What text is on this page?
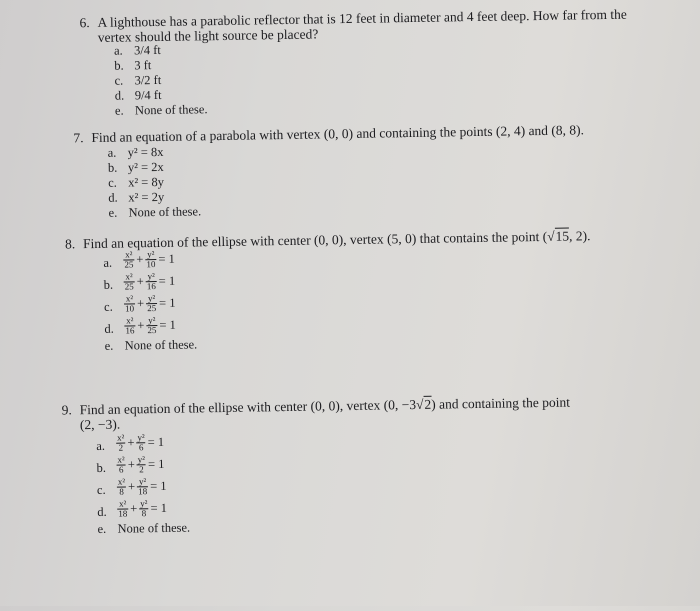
6. A lighthouse has a parabolic reflector that is 12 feet in diameter and 4 feet deep. How far from the
vertex should the light source be placed?
a. 3/4 ft
b. 3 ft
c. 3/2 ft
d. 9/4 ft
e. None of these.
7. Find an equation of a parabola with vertex (0, 0) and containing the points (2, 4) and (8, 8).
a. y² = 8x
b. y² = 2x
c. x² = 8y
d. x² = 2y
e. None of these.
8. Find an equation of the ellipse with center (0, 0), vertex (5, 0) that contains the point (√15, 2).
a. $\frac{\text{x²}}{25} + \frac{\text{y²}}{10} = 1$
b. $\frac{\text{x²}}{25} + \frac{\text{y²}}{16} = 1$
c. $\frac{\text{x²}}{10} + \frac{\text{y²}}{25} = 1$
d. $\frac{\text{x²}}{16} + \frac{\text{y²}}{25} = 1$
e. None of these.
9. Find an equation of the ellipse with center (0, 0), vertex (0, −3√2) and containing the point
(2, −3).
a. $\frac{\text{x²}}{2} + \frac{\text{y²}}{6} = 1$
b. $\frac{\text{x²}}{6} + \frac{\text{y²}}{2} = 1$
c. $\frac{\text{x²}}{8} + \frac{\text{y²}}{18} = 1$
d. $\frac{\text{x²}}{18} + \frac{\text{y²}}{8} = 1$
e. None of these.
